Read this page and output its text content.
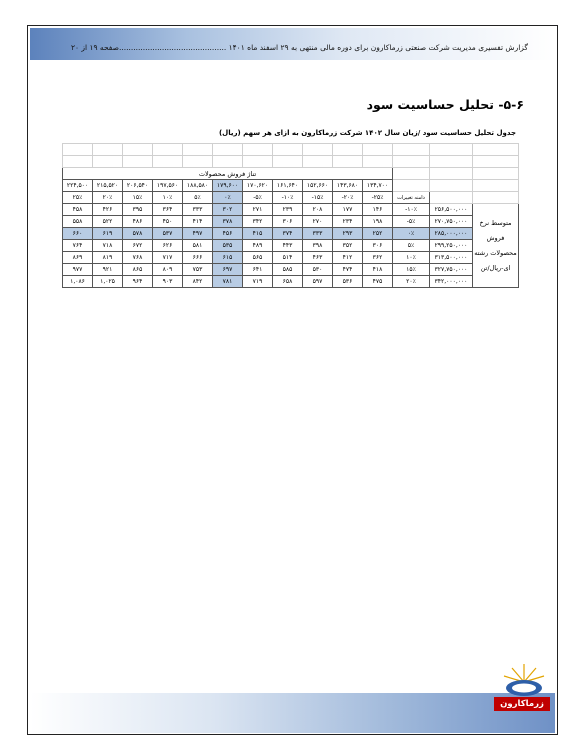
گزارش تفسیری مدیریت شرکت صنعتی زرماکارون برای دوره مالی منتهی به ۲۹ اسفند ماه ۱۴۰۱ .............................................صفحه ۱۹ از ۲۰
۵-۶- تحلیل حساسیت سود
جدول تحلیل حساسیت سود /زیان سال ۱۴۰۲ شرکت زرماکارون به ازای هر سهم (ریال)

تناژ فروش محصولات													
۲۲۴,۵۰۰	۲۱۵,۵۲۰	۲۰۶,۵۴۰	۱۹۷,۵۶۰	۱۸۸,۵۸۰	۱۷۹,۶۰۰	۱۷۰,۶۲۰	۱۶۱,۶۴۰	۱۵۲,۶۶۰	۱۴۳,۶۸۰	۱۳۴,۷۰۰			
۲۵٪	۲۰٪	۱۵٪	۱۰٪	۵٪	۰٪	-۵٪	-۱۰٪	-۱۵٪	-۲۰٪	-۲۵٪	دامنه تغییرات		
۴۵۸	۴۲۶	۳۹۵	۳۶۴	۳۳۳	۳۰۲	۲۷۱	۲۳۹	۲۰۸	۱۷۷	۱۴۶	-۱۰٪	۲۵۶,۵۰۰,۰۰۰	متوسط نرخ فروش محصولات رشته ای-ریال/تن
۵۵۸	۵۲۲	۴۸۶	۴۵۰	۴۱۴	۳۷۸	۳۴۲	۳۰۶	۲۷۰	۲۳۴	۱۹۸	-۵٪	۲۷۰,۷۵۰,۰۰۰	
۶۶۰	۶۱۹	۵۷۸	۵۳۷	۴۹۷	۴۵۶	۴۱۵	۳۷۴	۳۳۳	۲۹۳	۲۵۲	۰٪	۲۸۵,۰۰۰,۰۰۰	
۷۶۴	۷۱۸	۶۷۲	۶۲۶	۵۸۱	۵۳۵	۴۸۹	۴۴۳	۳۹۸	۳۵۲	۳۰۶	۵٪	۲۹۹,۲۵۰,۰۰۰	
۸۶۹	۸۱۹	۷۶۸	۷۱۷	۶۶۶	۶۱۵	۵۶۵	۵۱۴	۴۶۳	۴۱۲	۳۶۲	۱۰٪	۳۱۳,۵۰۰,۰۰۰	
۹۷۷	۹۲۱	۸۶۵	۸۰۹	۷۵۳	۶۹۷	۶۴۱	۵۸۵	۵۳۰	۴۷۴	۴۱۸	۱۵٪	۳۲۷,۷۵۰,۰۰۰	
۱,۰۸۶	۱,۰۲۵	۹۶۴	۹۰۳	۸۴۲	۷۸۱	۷۱۹	۶۵۸	۵۹۷	۵۳۶	۴۷۵	۲۰٪	۳۴۲,۰۰۰,۰۰۰	
زرماکارون
